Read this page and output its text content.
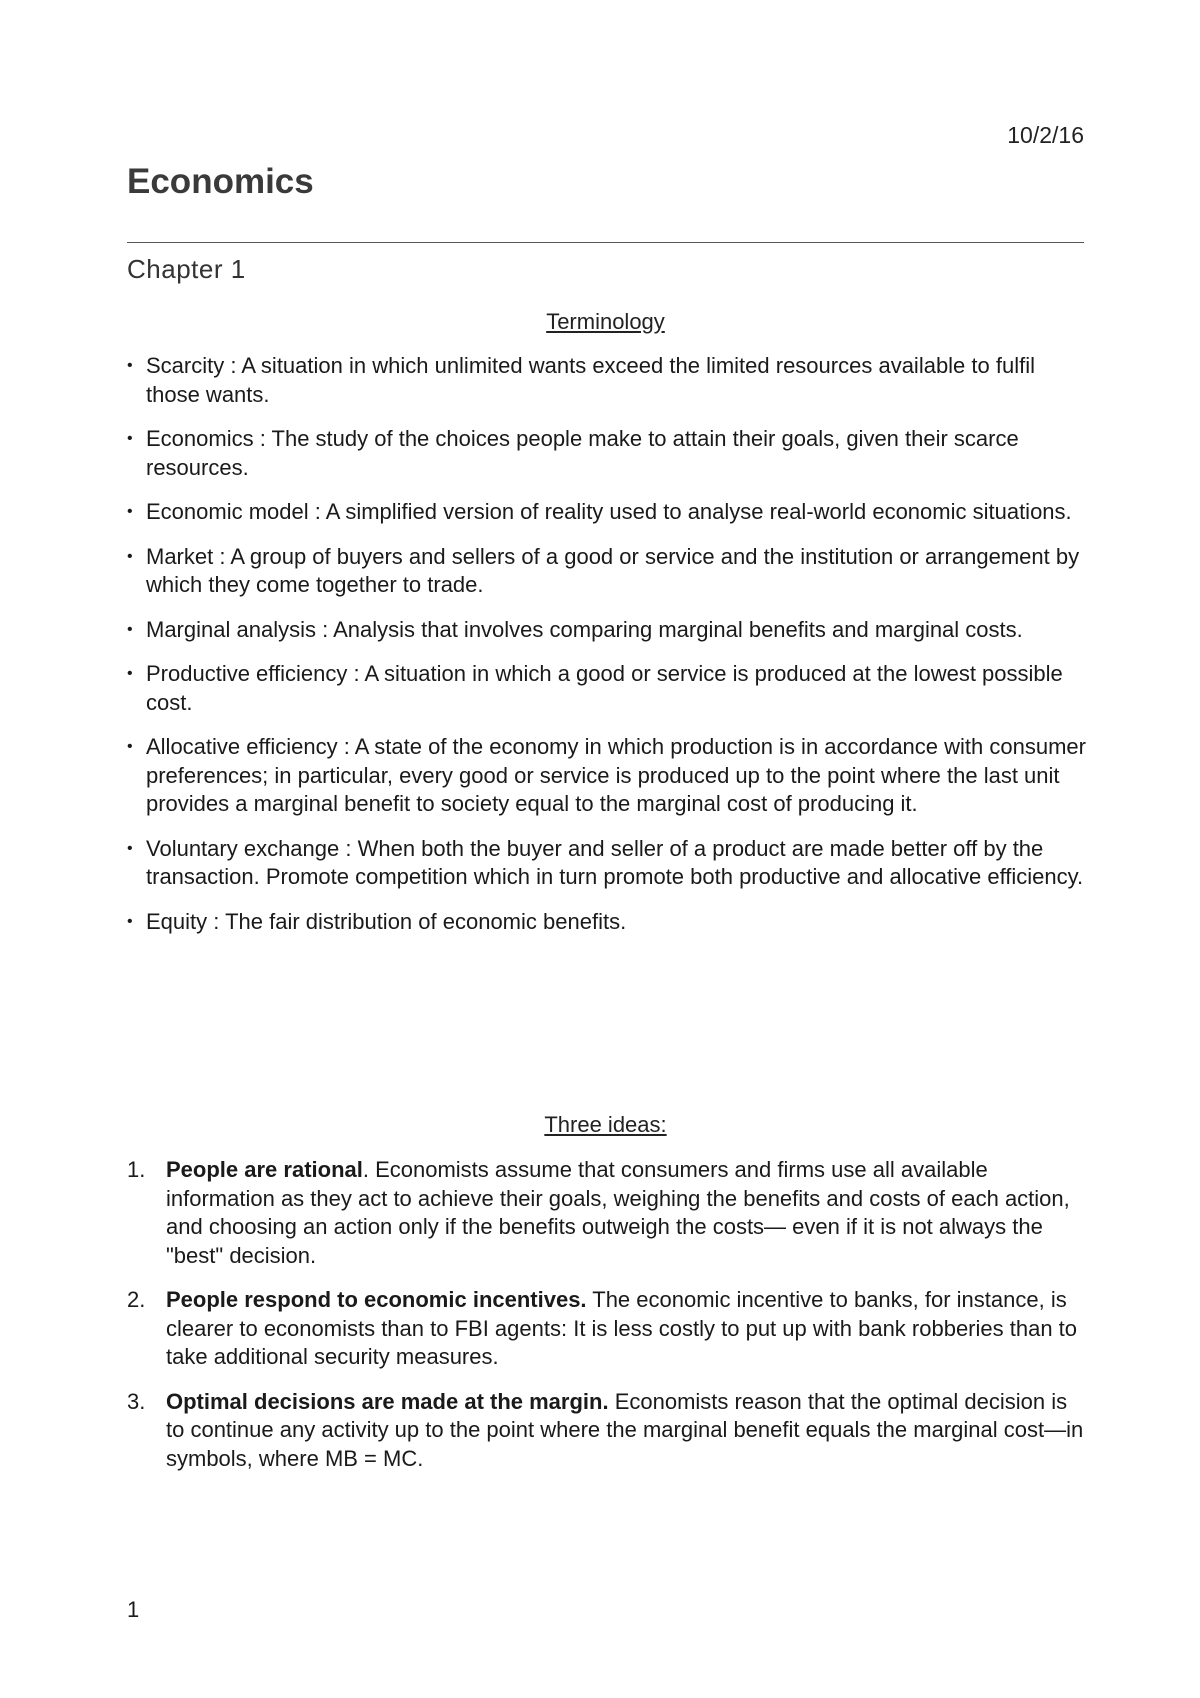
10/2/16
Economics
Chapter 1
Terminology
• Scarcity : A situation in which unlimited wants exceed the limited resources available to fulfil those wants.
• Economics : The study of the choices people make to attain their goals, given their scarce resources.
• Economic model : A simplified version of reality used to analyse real-world economic situations.
• Market : A group of buyers and sellers of a good or service and the institution or arrangement by which they come together to trade.
• Marginal analysis : Analysis that involves comparing marginal benefits and marginal costs.
• Productive efficiency : A situation in which a good or service is produced at the lowest possible cost.
• Allocative efficiency : A state of the economy in which production is in accordance with consumer preferences; in particular, every good or service is produced up to the point where the last unit provides a marginal benefit to society equal to the marginal cost of producing it.
• Voluntary exchange : When both the buyer and seller of a product are made better off by the transaction. Promote competition which in turn promote both productive and allocative efficiency.
• Equity : The fair distribution of economic benefits.
Three ideas:
1. People are rational. Economists assume that consumers and firms use all available information as they act to achieve their goals, weighing the benefits and costs of each action, and choosing an action only if the benefits outweigh the costs— even if it is not always the "best" decision.
2. People respond to economic incentives. The economic incentive to banks, for instance, is clearer to economists than to FBI agents: It is less costly to put up with bank robberies than to take additional security measures.
3. Optimal decisions are made at the margin. Economists reason that the optimal decision is to continue any activity up to the point where the marginal benefit equals the marginal cost—in symbols, where MB = MC.
1
